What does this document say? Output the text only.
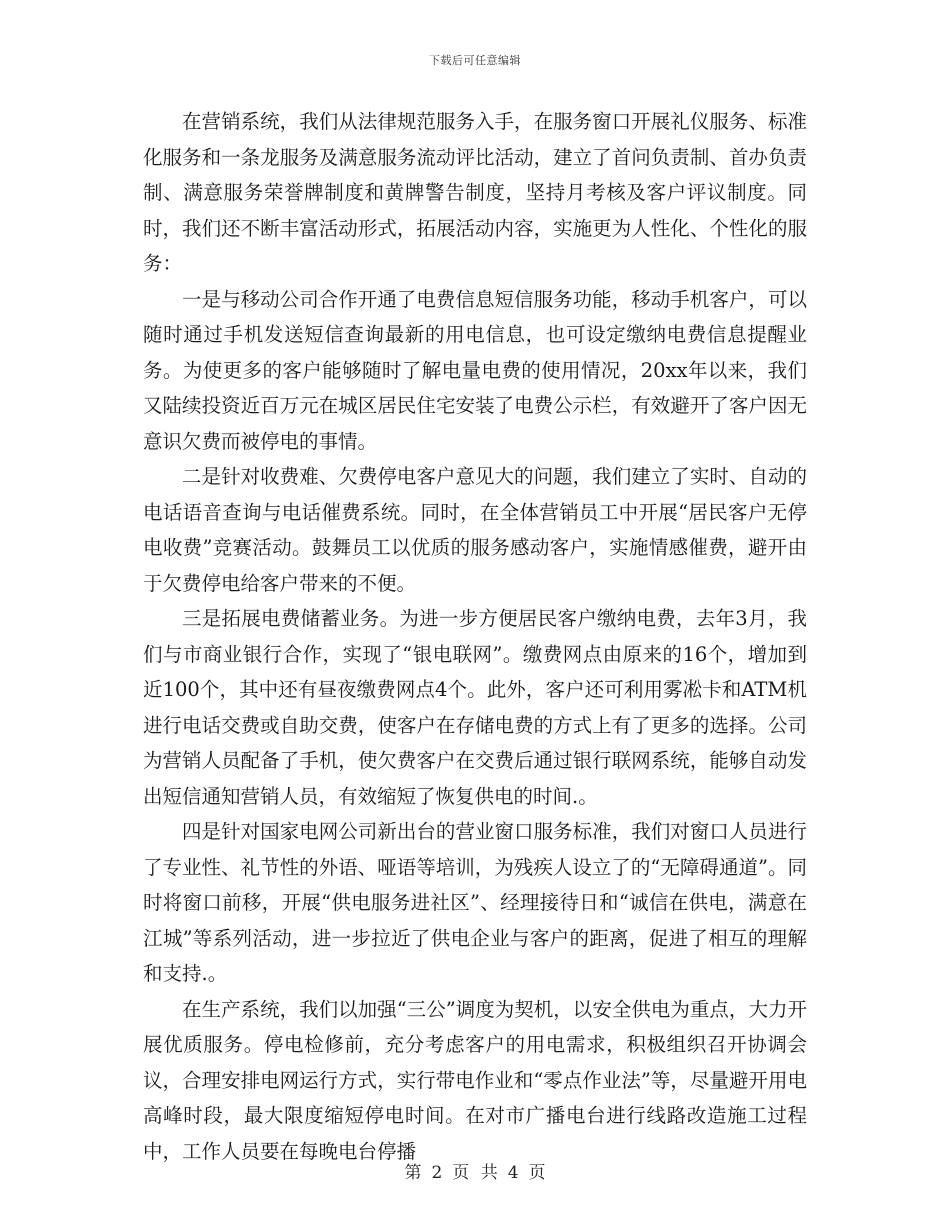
下载后可任意编辑

在营销系统，我们从法律规范服务入手，在服务窗口开展礼仪服务、标准化服务和一条龙服务及满意服务流动评比活动，建立了首问负责制、首办负责制、满意服务荣誉牌制度和黄牌警告制度，坚持月考核及客户评议制度。同时，我们还不断丰富活动形式，拓展活动内容，实施更为人性化、个性化的服务：

一是与移动公司合作开通了电费信息短信服务功能，移动手机客户，可以随时通过手机发送短信查询最新的用电信息，也可设定缴纳电费信息提醒业务。为使更多的客户能够随时了解电量电费的使用情况，20xx年以来，我们又陆续投资近百万元在城区居民住宅安装了电费公示栏，有效避开了客户因无意识欠费而被停电的事情。

二是针对收费难、欠费停电客户意见大的问题，我们建立了实时、自动的电话语音查询与电话催费系统。同时，在全体营销员工中开展“居民客户无停电收费”竞赛活动。鼓舞员工以优质的服务感动客户，实施情感催费，避开由于欠费停电给客户带来的不便。

三是拓展电费储蓄业务。为进一步方便居民客户缴纳电费，去年3月，我们与市商业银行合作，实现了“银电联网”。缴费网点由原来的16个，增加到近100个，其中还有昼夜缴费网点4个。此外，客户还可利用雾凇卡和ATM机进行电话交费或自助交费，使客户在存储电费的方式上有了更多的选择。公司为营销人员配备了手机，使欠费客户在交费后通过银行联网系统，能够自动发出短信通知营销人员，有效缩短了恢复供电的时间.。

四是针对国家电网公司新出台的营业窗口服务标准，我们对窗口人员进行了专业性、礼节性的外语、哑语等培训，为残疾人设立了的“无障碍通道”。同时将窗口前移，开展“供电服务进社区”、经理接待日和“诚信在供电，满意在江城”等系列活动，进一步拉近了供电企业与客户的距离，促进了相互的理解和支持.。

在生产系统，我们以加强“三公”调度为契机，以安全供电为重点，大力开展优质服务。停电检修前，充分考虑客户的用电需求，积极组织召开协调会议，合理安排电网运行方式，实行带电作业和“零点作业法”等，尽量避开用电高峰时段，最大限度缩短停电时间。在对市广播电台进行线路改造施工过程中，工作人员要在每晚电台停播

第 2 页 共 4 页
